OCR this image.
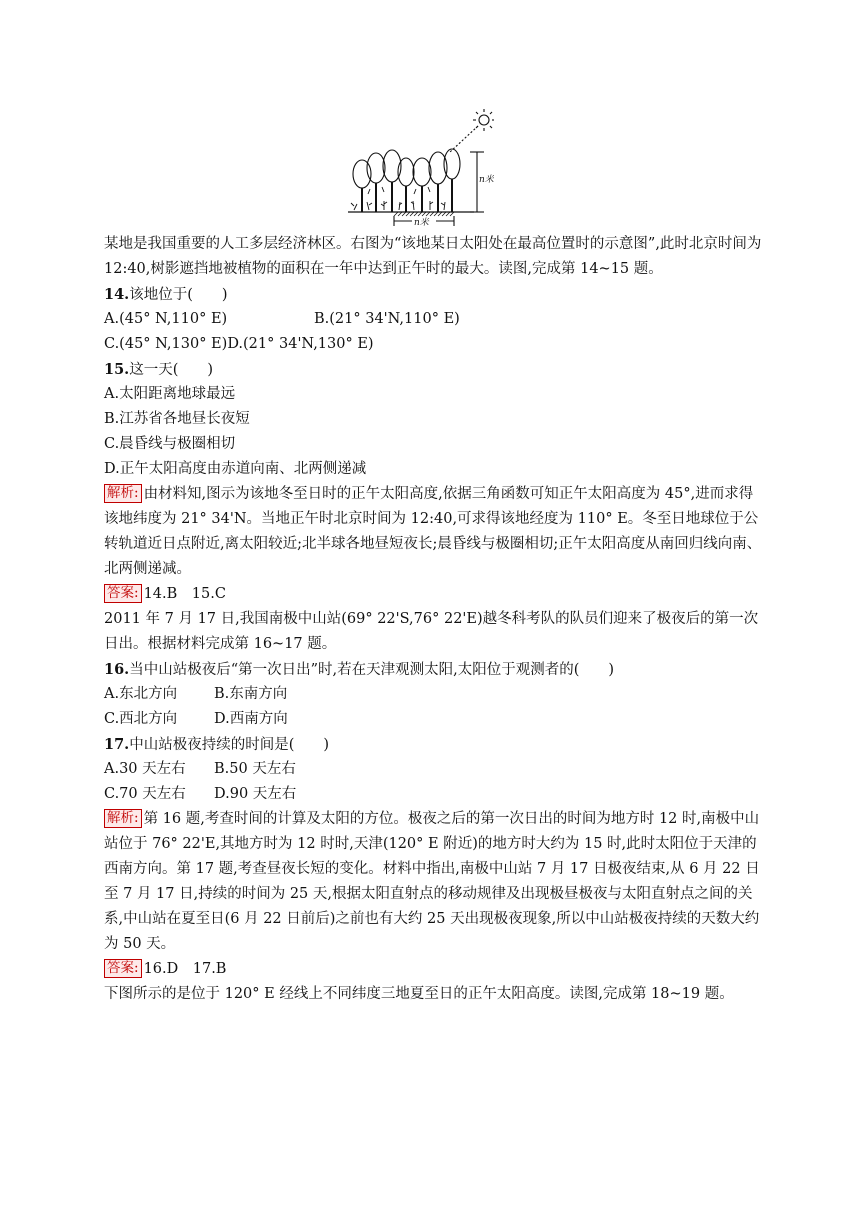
n米
n米
某地是我国重要的人工多层经济林区。右图为“该地某日太阳处在最高位置时的示意图”,此时北京时间为 12:40,树影遮挡地被植物的面积在一年中达到正午时的最大。读图,完成第 14~15 题。
14.该地位于(　　)
A.(45° N,110° E)	B.(21° 34'N,110° E)
C.(45° N,130° E)D.(21° 34'N,130° E)
15.这一天(　　)
A.太阳距离地球最远
B.江苏省各地昼长夜短
C.晨昏线与极圈相切
D.正午太阳高度由赤道向南、北两侧递减
解析: 由材料知,图示为该地冬至日时的正午太阳高度,依据三角函数可知正午太阳高度为 45°,进而求得该地纬度为 21° 34'N。当地正午时北京时间为 12:40,可求得该地经度为 110° E。冬至日地球位于公转轨道近日点附近,离太阳较近;北半球各地昼短夜长;晨昏线与极圈相切;正午太阳高度从南回归线向南、北两侧递减。
答案: 14.B　15.C
2011 年 7 月 17 日,我国南极中山站(69° 22'S,76° 22'E)越冬科考队的队员们迎来了极夜后的第一次日出。根据材料完成第 16~17 题。
16.当中山站极夜后“第一次日出”时,若在天津观测太阳,太阳位于观测者的(　　)
A.东北方向	B.东南方向
C.西北方向	D.西南方向
17.中山站极夜持续的时间是(　　)
A.30 天左右 B.50 天左右
C.70 天左右 D.90 天左右
解析: 第 16 题,考查时间的计算及太阳的方位。极夜之后的第一次日出的时间为地方时 12 时,南极中山站位于 76° 22'E,其地方时为 12 时时,天津(120° E 附近)的地方时大约为 15 时,此时太阳位于天津的西南方向。第 17 题,考查昼夜长短的变化。材料中指出,南极中山站 7 月 17 日极夜结束,从 6 月 22 日至 7 月 17 日,持续的时间为 25 天,根据太阳直射点的移动规律及出现极昼极夜与太阳直射点之间的关系,中山站在夏至日(6 月 22 日前后)之前也有大约 25 天出现极夜现象,所以中山站极夜持续的天数大约为 50 天。
答案: 16.D　17.B
下图所示的是位于 120° E 经线上不同纬度三地夏至日的正午太阳高度。读图,完成第 18~19 题。
